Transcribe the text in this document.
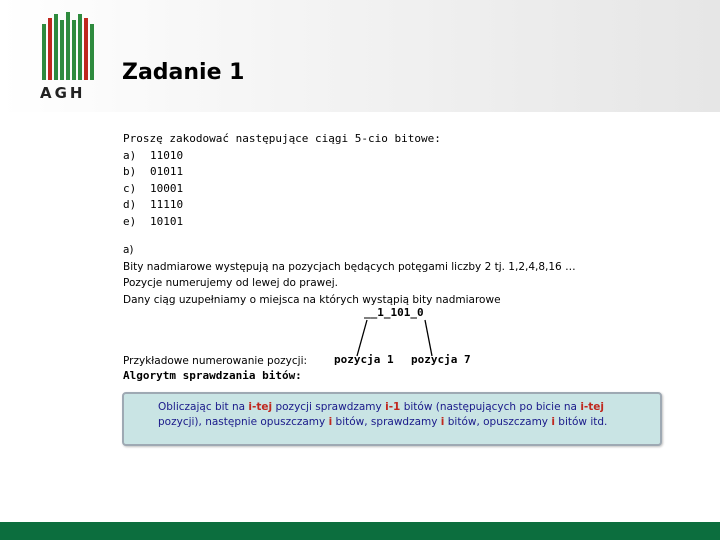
AGH
Zadanie 1
Proszę zakodować następujące ciągi 5-cio bitowe:
a)	11010
b)	01011
c)	10001
d)	11110
e)	10101
a)
Bity nadmiarowe występują na pozycjach będących potęgami liczby 2 tj. 1,2,4,8,16 …
Pozycje numerujemy od lewej do prawej.
Dany ciąg uzupełniamy o miejsca na których wystąpią bity nadmiarowe
__1_101_0
Przykładowe numerowanie pozycji: pozycja 1 pozycja 7
Algorytm sprawdzania bitów:
Obliczając bit na i-tej pozycji sprawdzamy i-1 bitów (następujących po bicie na i-tej pozycji), następnie opuszczamy i bitów, sprawdzamy i bitów, opuszczamy i bitów itd.
